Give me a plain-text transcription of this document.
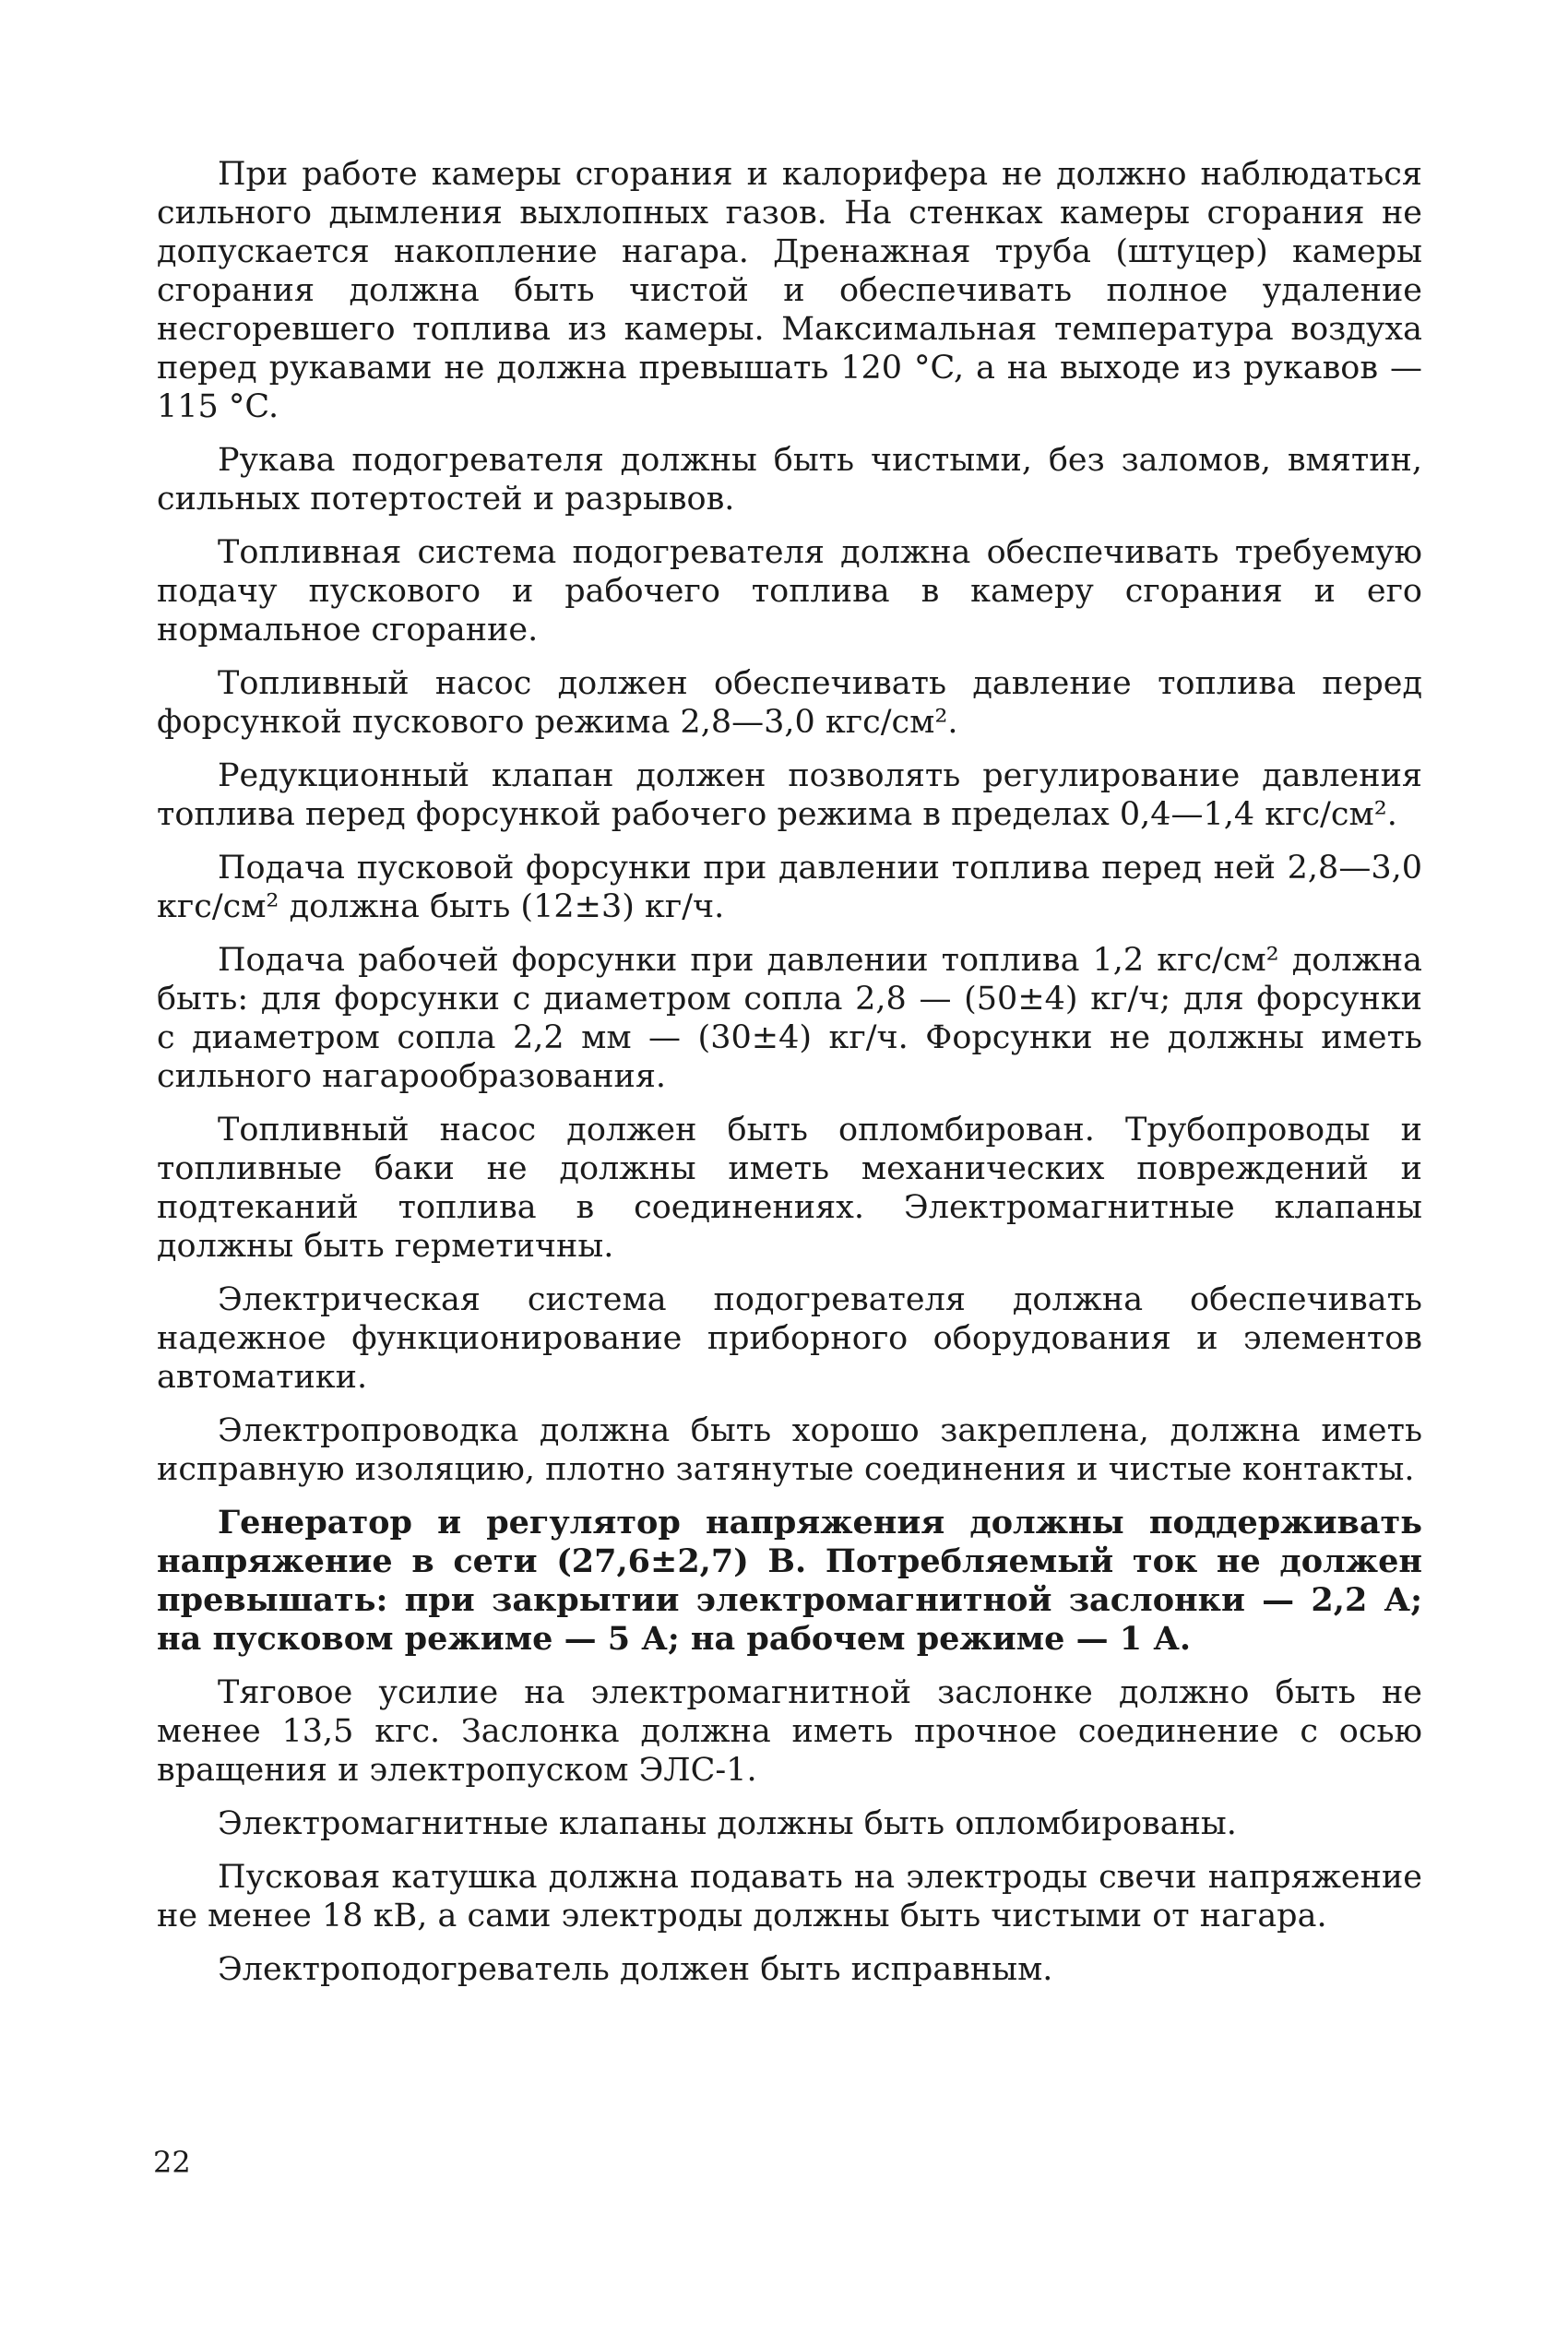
При работе камеры сгорания и калорифера не должно наблюдаться сильного дымления выхлопных газов. На стенках камеры сгорания не допускается накопление нагара. Дренажная труба (штуцер) камеры сгорания должна быть чистой и обеспечивать полное удаление несгоревшего топлива из камеры. Максимальная температура воздуха перед рукавами не должна превышать 120 °C, а на выходе из рукавов — 115 °C.

Рукава подогревателя должны быть чистыми, без заломов, вмятин, сильных потертостей и разрывов.

Топливная система подогревателя должна обеспечивать требуемую подачу пускового и рабочего топлива в камеру сгорания и его нормальное сгорание.

Топливный насос должен обеспечивать давление топлива перед форсункой пускового режима 2,8—3,0 кгс/см².

Редукционный клапан должен позволять регулирование давления топлива перед форсункой рабочего режима в пределах 0,4—1,4 кгс/см².

Подача пусковой форсунки при давлении топлива перед ней 2,8—3,0 кгс/см² должна быть (12±3) кг/ч.

Подача рабочей форсунки при давлении топлива 1,2 кгс/см² должна быть: для форсунки с диаметром сопла 2,8 — (50±4) кг/ч; для форсунки с диаметром сопла 2,2 мм — (30±4) кг/ч. Форсунки не должны иметь сильного нагарообразования.

Топливный насос должен быть опломбирован. Трубопроводы и топливные баки не должны иметь механических повреждений и подтеканий топлива в соединениях. Электромагнитные клапаны должны быть герметичны.

Электрическая система подогревателя должна обеспечивать надежное функционирование приборного оборудования и элементов автоматики.

Электропроводка должна быть хорошо закреплена, должна иметь исправную изоляцию, плотно затянутые соединения и чистые контакты.

Генератор и регулятор напряжения должны поддерживать напряжение в сети (27,6±2,7) В. Потребляемый ток не должен превышать: при закрытии электромагнитной заслонки — 2,2 А; на пусковом режиме — 5 А; на рабочем режиме — 1 А.

Тяговое усилие на электромагнитной заслонке должно быть не менее 13,5 кгс. Заслонка должна иметь прочное соединение с осью вращения и электропуском ЭЛС-1.

Электромагнитные клапаны должны быть опломбированы.

Пусковая катушка должна подавать на электроды свечи напряжение не менее 18 кВ, а сами электроды должны быть чистыми от нагара.

Электроподогреватель должен быть исправным.

22
